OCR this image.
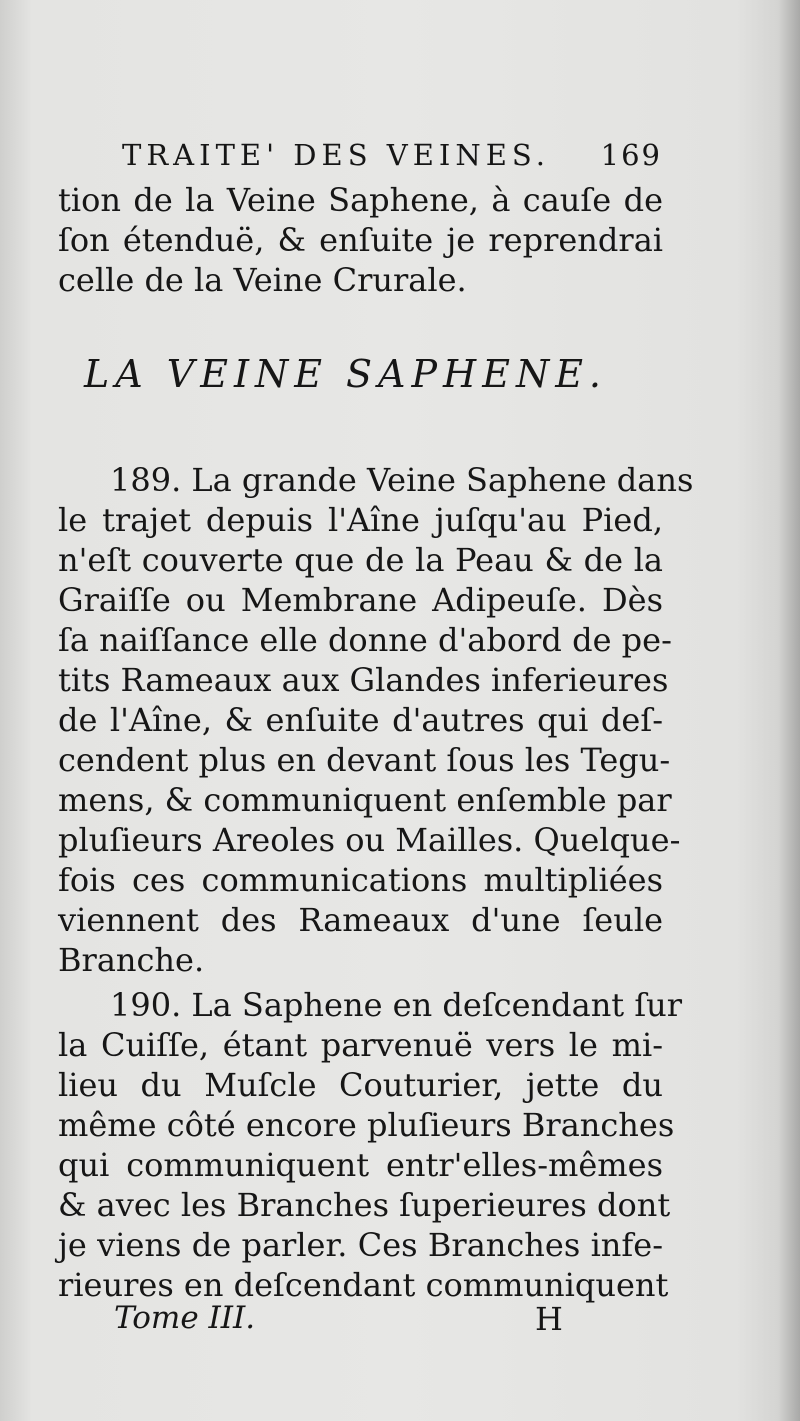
TRAITE' DES VEINES. 169
tion de la Veine Saphene, à cauſe de
ſon étenduë, & enſuite je reprendrai
celle de la Veine Crurale.
LA VEINE SAPHENE.
189. La grande Veine Saphene dans
le trajet depuis l'Aîne juſqu'au Pied,
n'eſt couverte que de la Peau & de la
Graiſſe ou Membrane Adipeuſe. Dès
ſa naiſſance elle donne d'abord de pe-
tits Rameaux aux Glandes inferieures
de l'Aîne, & enſuite d'autres qui deſ-
cendent plus en devant ſous les Tegu-
mens, & communiquent enſemble par
pluſieurs Areoles ou Mailles. Quelque-
fois ces communications multipliées
viennent des Rameaux d'une ſeule
Branche.
190. La Saphene en deſcendant ſur
la Cuiſſe, étant parvenuë vers le mi-
lieu du Muſcle Couturier, jette du
même côté encore pluſieurs Branches
qui communiquent entr'elles-mêmes
& avec les Branches ſuperieures dont
je viens de parler. Ces Branches infe-
rieures en deſcendant communiquent
Tome III.	H
